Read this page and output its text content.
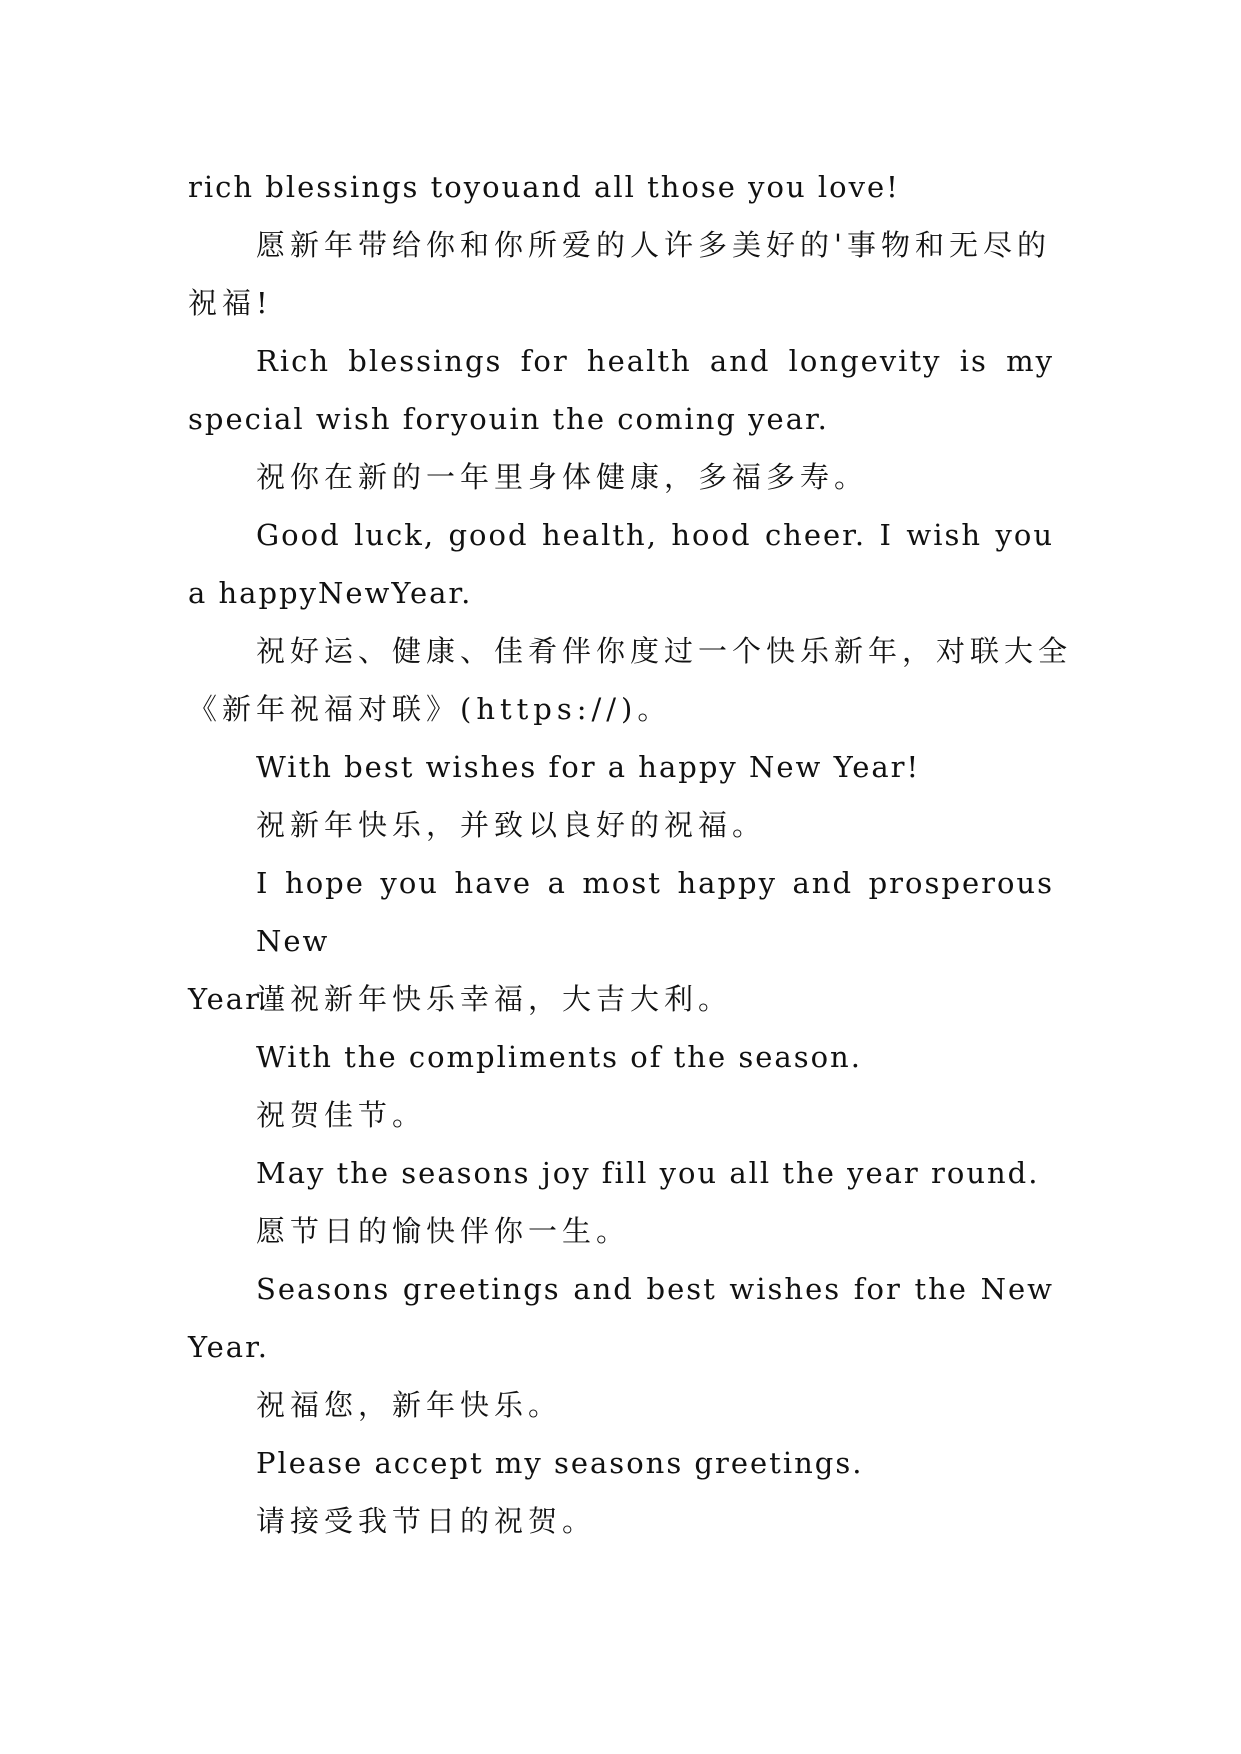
rich blessings toyouand all those you love!

愿新年带给你和你所爱的人许多美好的'事物和无尽的
祝福!

Rich blessings for health and longevity is my
special wish foryouin the coming year.

祝你在新的一年里身体健康，多福多寿。

Good luck, good health, hood cheer. I wish you
a happyNewYear.

祝好运、健康、佳肴伴你度过一个快乐新年，对联大全
《新年祝福对联》(https://)。

With best wishes for a happy New Year!

祝新年快乐，并致以良好的祝福。

I hope you have a most happy and prosperous New
Year.

谨祝新年快乐幸福，大吉大利。

With the compliments of the season.

祝贺佳节。

May the seasons joy fill you all the year round.

愿节日的愉快伴你一生。

Seasons greetings and best wishes for the New
Year.

祝福您，新年快乐。

Please accept my seasons greetings.

请接受我节日的祝贺。
